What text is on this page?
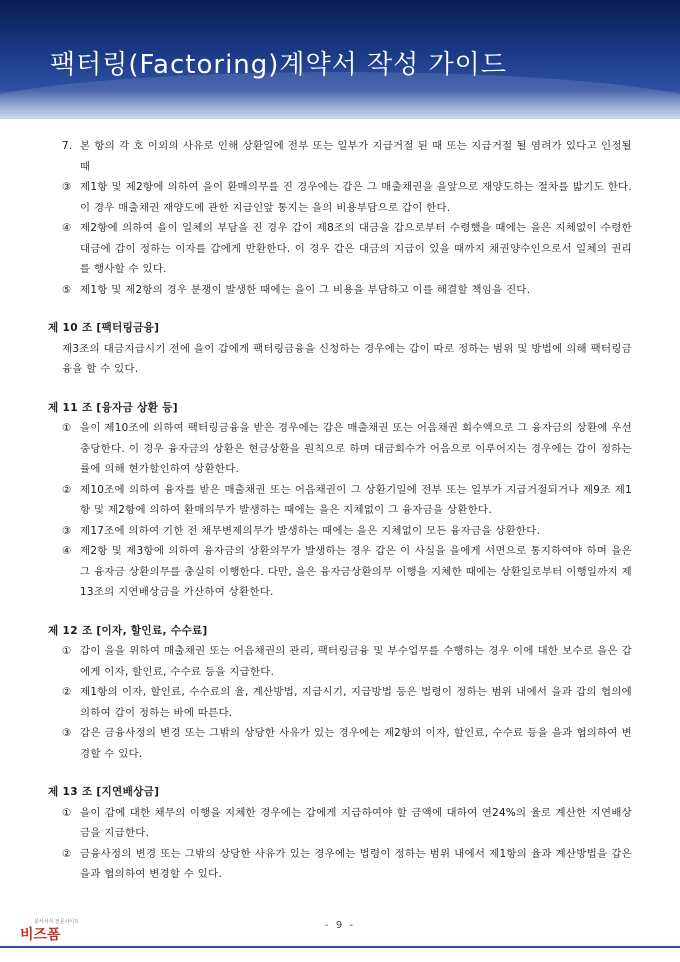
팩터링(Factoring)계약서 작성 가이드
7. 본 항의 각 호 이외의 사유로 인해 상환일에 전부 또는 일부가 지급거절 된 때 또는 지급거절 될 염려가 있다고 인정될 때
③ 제1항 및 제2항에 의하여 을이 환매의무를 진 경우에는 갑은 그 매출채권을 을앞으로 재양도하는 절차를 밟기도 한다. 이 경우 매출채권 재양도에 관한 지급인앞 통지는 을의 비용부담으로 갑이 한다.
④ 제2항에 의하여 을이 일체의 부담을 진 경우 갑이 제8조의 대금을 갑으로부터 수령했을 때에는 을은 지체없이 수령한 대금에 갑이 정하는 이자를 갑에게 반환한다. 이 경우 갑은 대금의 지급이 있을 때까지 채권양수인으로서 일체의 권리를 행사할 수 있다.
⑤ 제1항 및 제2항의 경우 분쟁이 발생한 때에는 을이 그 비용을 부담하고 이를 해결할 책임을 진다.
제 10 조 [팩터링금융]
제3조의 대금지급시기 전에 을이 갑에게 팩터링금융을 신청하는 경우에는 갑이 따로 정하는 범위 및 방법에 의해 팩터링금융을 할 수 있다.
제 11 조 [융자금 상환 등]
① 을이 제10조에 의하여 팩터링금융을 받은 경우에는 갑은 매출채권 또는 어음채권 회수액으로 그 융자금의 상환에 우선 충당한다. 이 경우 융자금의 상환은 현금상환을 원칙으로 하며 대금회수가 어음으로 이루어지는 경우에는 갑이 정하는 률에 의해 현가할인하여 상환한다.
② 제10조에 의하여 융자를 받은 매출채권 또는 어음채권이 그 상환기일에 전부 또는 일부가 지급거절되거나 제9조 제1항 및 제2항에 의하여 환매의무가 발생하는 때에는 을은 지체없이 그 융자금을 상환한다.
③ 제17조에 의하여 기한 전 채무변제의무가 발생하는 때에는 을은 지체없이 모든 융자금을 상환한다.
④ 제2항 및 제3항에 의하여 융자금의 상환의무가 발생하는 경우 갑은 이 사실을 을에게 서면으로 통지하여야 하며 을은 그 융자금 상환의무를 충실히 이행한다. 다만, 을은 융자금상환의무 이행을 지체한 때에는 상환일로부터 이행일까지 제13조의 지연배상금을 가산하여 상환한다.
제 12 조 [이자, 할인료, 수수료]
① 갑이 을을 위하여 매출채권 또는 어음채권의 관리, 팩터링금융 및 부수업무를 수행하는 경우 이에 대한 보수로 을은 갑에게 이자, 할인료, 수수료 등을 지급한다.
② 제1항의 이자, 할인료, 수수료의 율, 계산방법, 지급시기, 지급방법 등은 법령이 정하는 범위 내에서 을과 갑의 협의에 의하여 갑이 정하는 바에 따른다.
③ 갑은 금융사정의 변경 또는 그밖의 상당한 사유가 있는 경우에는 제2항의 이자, 할인료, 수수료 등을 을과 협의하여 변경할 수 있다.
제 13 조 [지연배상금]
① 을이 갑에 대한 채무의 이행을 지체한 경우에는 갑에게 지급하여야 할 금액에 대하여 연24%의 율로 계산한 지연배상금을 지급한다.
② 금융사정의 변경 또는 그밖의 상당한 사유가 있는 경우에는 법령이 정하는 범위 내에서 제1항의 율과 계산방법을 갑은 을과 협의하여 변경할 수 있다.
문서서식 전문사이트
비즈폼
- 9 -
